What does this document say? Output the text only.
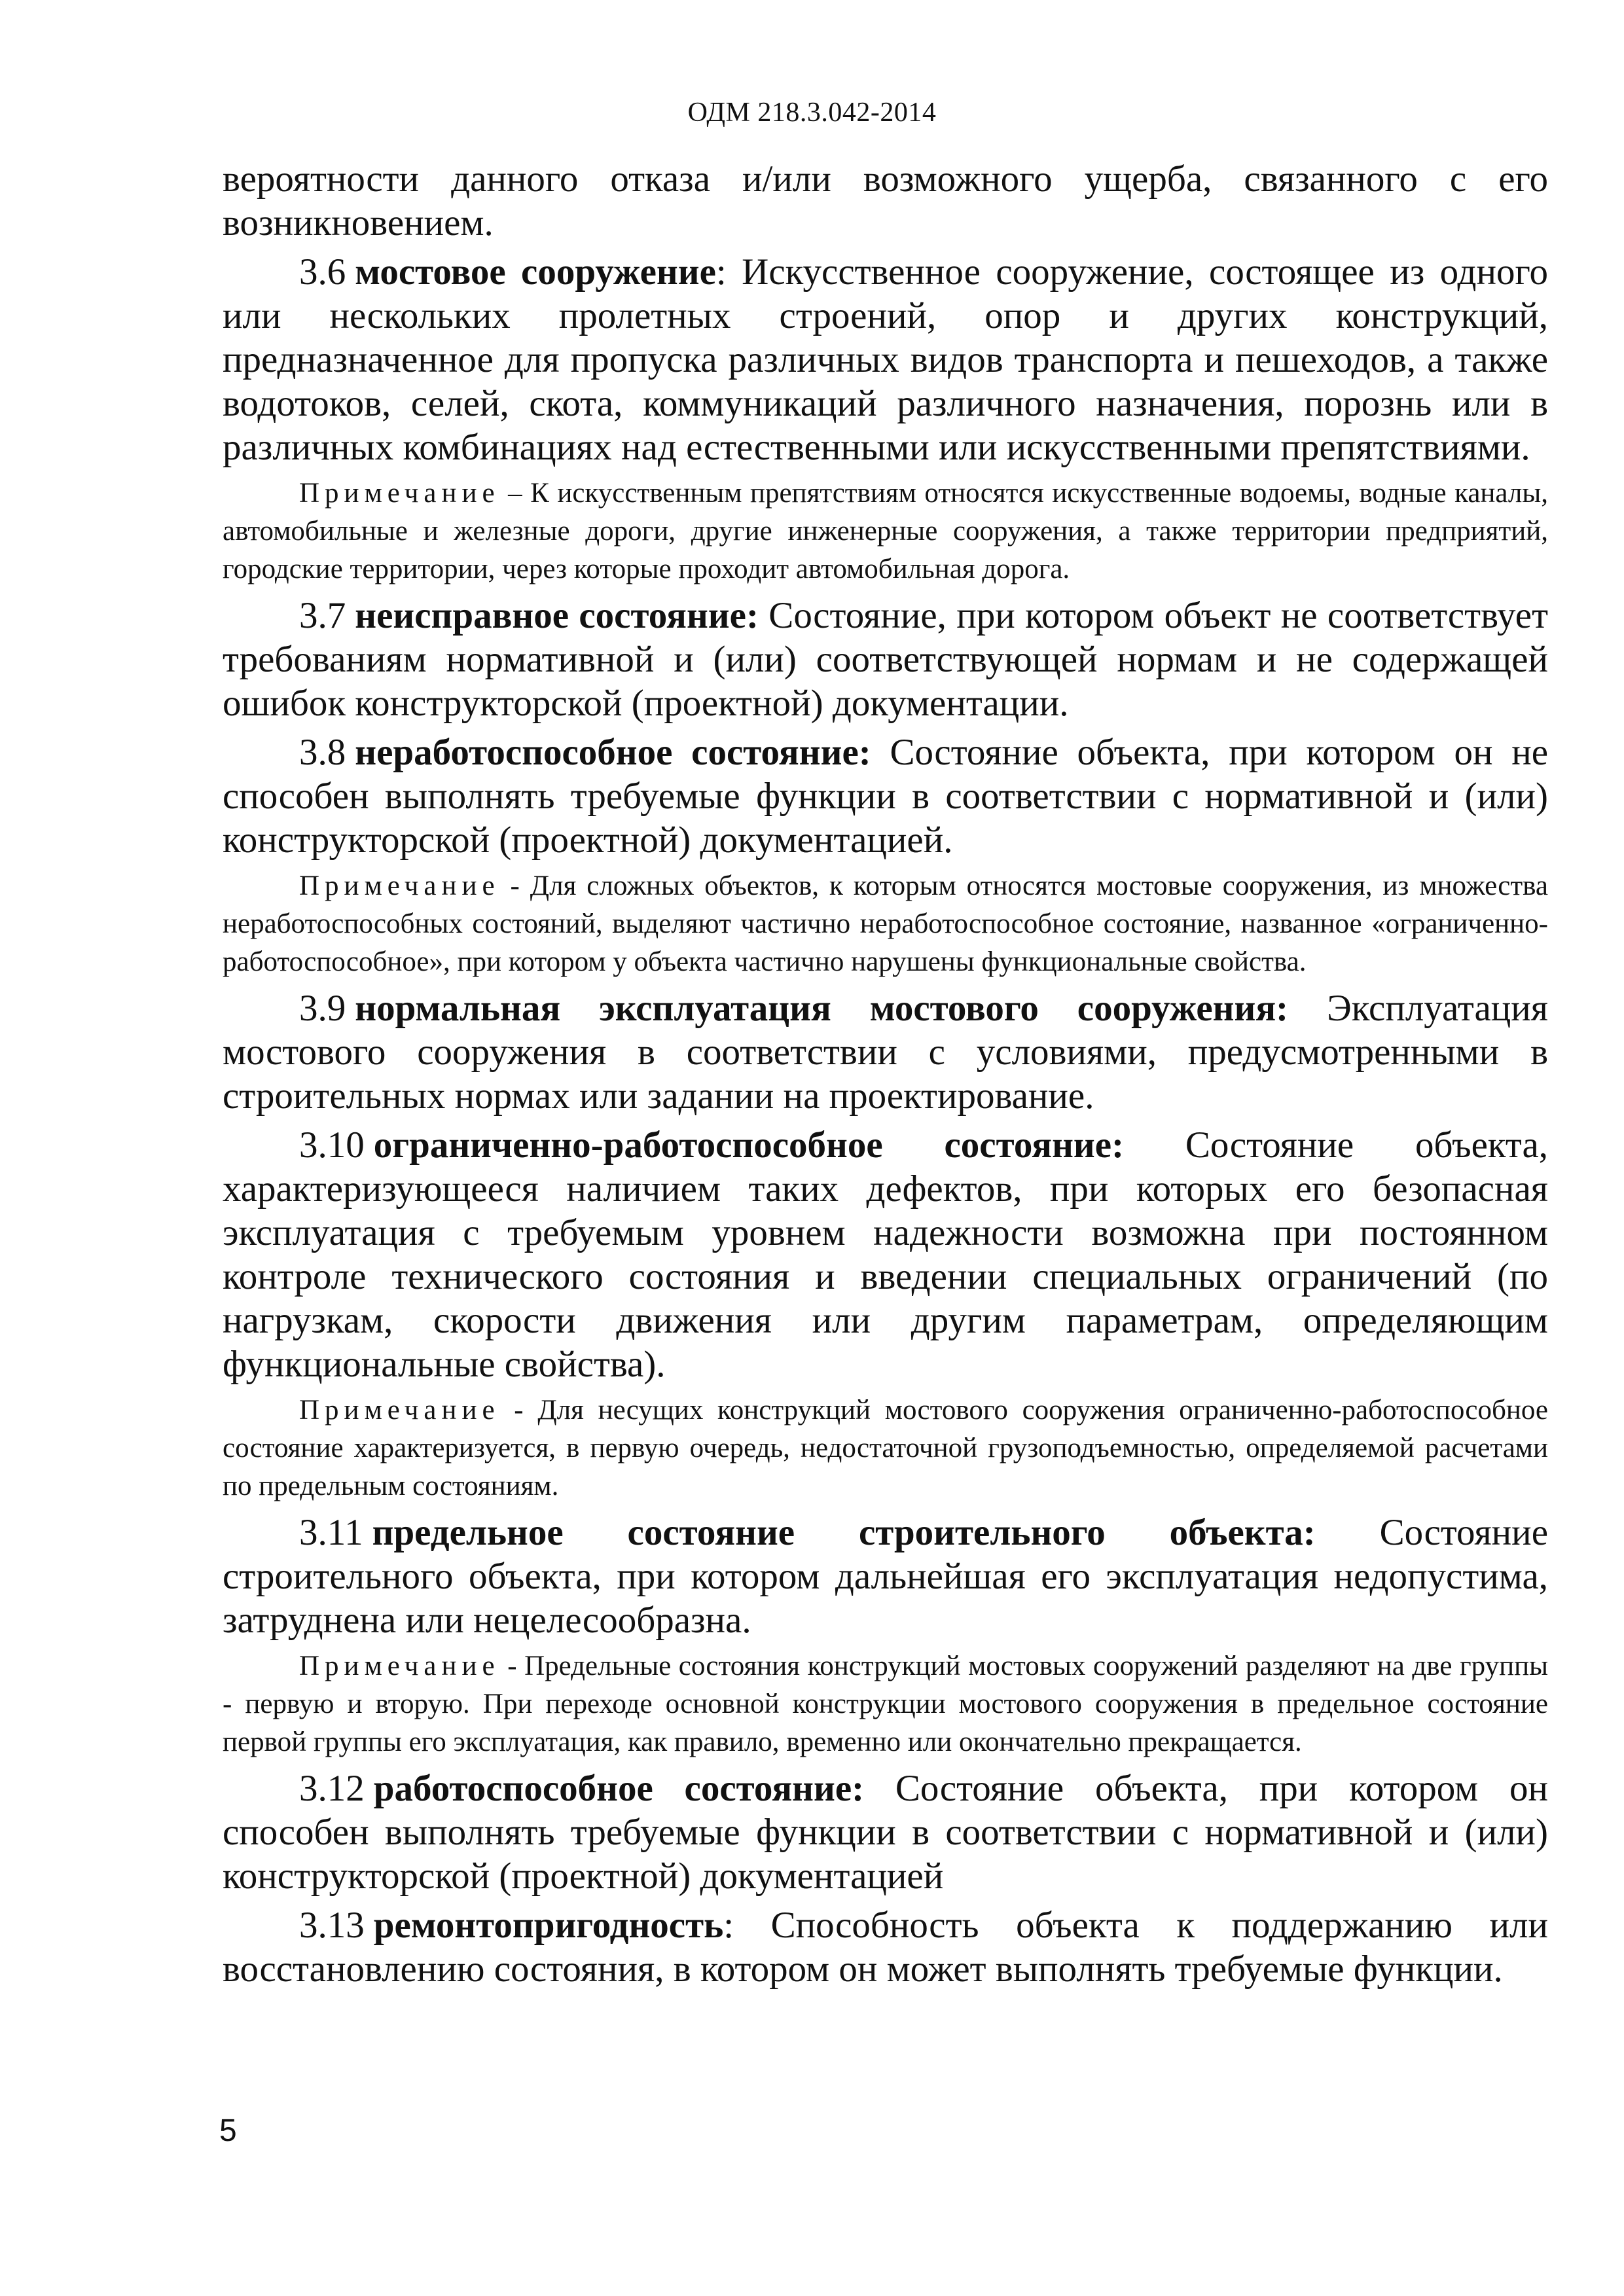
ОДМ 218.3.042-2014

вероятности данного отказа и/или возможного ущерба, связанного с его возникновением.

3.6 мостовое сооружение: Искусственное сооружение, состоящее из одного или нескольких пролетных строений, опор и других конструкций, предназначенное для пропуска различных видов транспорта и пешеходов, а также водотоков, селей, скота, коммуникаций различного назначения, порознь или в различных комбинациях над естественными или искусственными препятствиями.

Примечание – К искусственным препятствиям относятся искусственные водоемы, водные каналы, автомобильные и железные дороги, другие инженерные сооружения, а также территории предприятий, городские территории, через которые проходит автомобильная дорога.

3.7 неисправное состояние: Состояние, при котором объект не соответствует требованиям нормативной и (или) соответствующей нормам и не содержащей ошибок конструкторской (проектной) документации.

3.8 неработоспособное состояние: Состояние объекта, при котором он не способен выполнять требуемые функции в соответствии с нормативной и (или) конструкторской (проектной) документацией.

Примечание - Для сложных объектов, к которым относятся мостовые сооружения, из множества неработоспособных состояний, выделяют частично неработоспособное состояние, названное «ограниченно-работоспособное», при котором у объекта частично нарушены функциональные свойства.

3.9 нормальная эксплуатация мостового сооружения: Эксплуатация мостового сооружения в соответствии с условиями, предусмотренными в строительных нормах или задании на проектирование.

3.10 ограниченно-работоспособное состояние: Состояние объекта, характеризующееся наличием таких дефектов, при которых его безопасная эксплуатация с требуемым уровнем надежности возможна при постоянном контроле технического состояния и введении специальных ограничений (по нагрузкам, скорости движения или другим параметрам, определяющим функциональные свойства).

Примечание - Для несущих конструкций мостового сооружения ограниченно-работоспособное состояние характеризуется, в первую очередь, недостаточной грузоподъемностью, определяемой расчетами по предельным состояниям.

3.11 предельное состояние строительного объекта: Состояние строительного объекта, при котором дальнейшая его эксплуатация недопустима, затруднена или нецелесообразна.

Примечание - Предельные состояния конструкций мостовых сооружений разделяют на две группы - первую и вторую. При переходе основной конструкции мостового сооружения в предельное состояние первой группы его эксплуатация, как правило, временно или окончательно прекращается.

3.12 работоспособное состояние: Состояние объекта, при котором он способен выполнять требуемые функции в соответствии с нормативной и (или) конструкторской (проектной) документацией

3.13 ремонтопригодность: Способность объекта к поддержанию или восстановлению состояния, в котором он может выполнять требуемые функции.

5
